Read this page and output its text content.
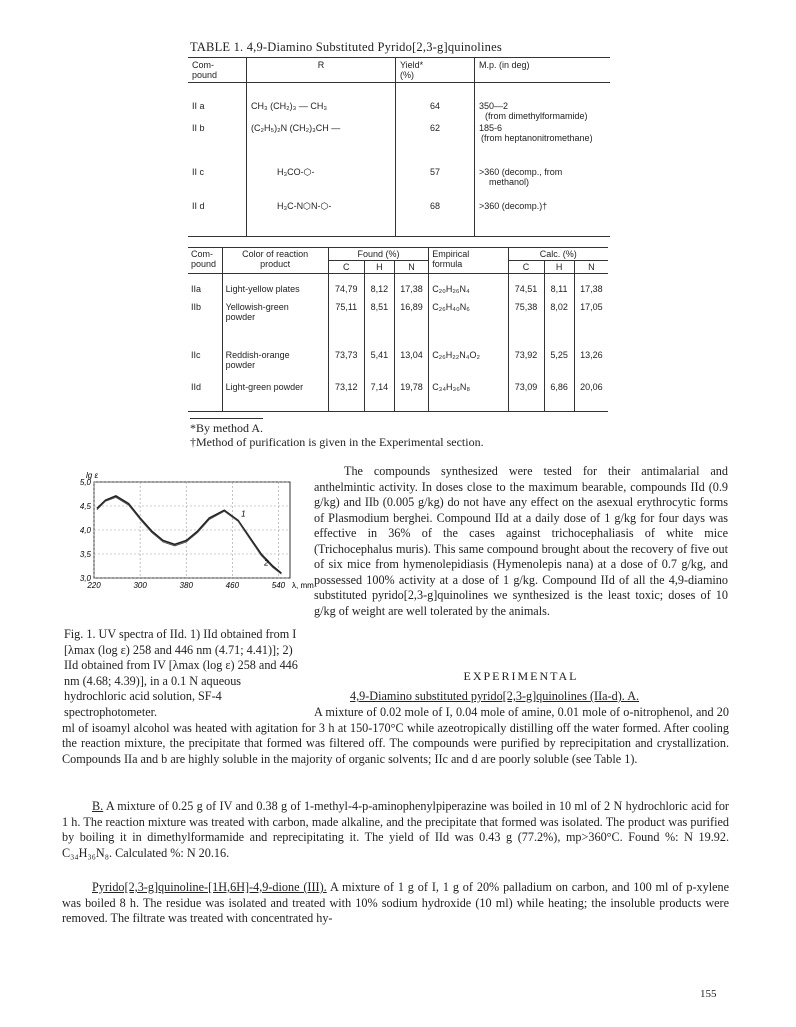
TABLE 1. 4,9-Diamino Substituted Pyrido[2,3-g]quinolines
Com-
pound	R	Yield*
(%)	M.p. (in deg)

II a	CH₃ (CH₂)₃ — CH₃	64	350—2
(from dimethylformamide)
II b	(C₂H₅)₂N (CH₂)₃CH —	62	185-6
(from heptanonitromethane)
II c	H₃CO-⬡-	57	>360 (decomp., from
methanol)
II d	H₃C-N⬡N-⬡-	68	>360 (decomp.)†
Com-
pound	Color of reaction
product	Found (%)			Empirical
formula	Calc. (%)		
		C	H	N		C	H	N
IIa	Light-yellow plates	74,79	8,12	17,38	C₂₀H₂₆N₄	74,51	8,11	17,38
IIb	Yellowish-green
powder	75,11	8,51	16,89	C₂₆H₄₀N₆	75,38	8,02	17,05
IIc	Reddish-orange
powder	73,73	5,41	13,04	C₂₆H₂₂N₄O₂	73,92	5,25	13,26
IId	Light-green powder	73,12	7,14	19,78	C₃₄H₃₆N₈	73,09	6,86	20,06
*By method A.
†Method of purification is given in the Experimental section.
3,0
3,5
4,0
4,5
5,0
220	300	380	460	540
lg ε
λ, mm
1
2
Fig. 1. UV spectra of IId. 1) IId obtained from I [λmax (log ε) 258 and 446 nm (4.71; 4.41)]; 2) IId obtained from IV [λmax (log ε) 258 and 446 nm (4.68; 4.39)], in a 0.1 N aqueous hydrochloric acid solution, SF-4 spectrophotometer.
The compounds synthesized were tested for their antimalarial and anthelmintic activity. In doses close to the maximum bearable, compounds IId (0.9 g/kg) and IIb (0.005 g/kg) do not have any effect on the asexual erythrocytic forms of Plasmodium berghei. Compound IId at a daily dose of 1 g/kg for four days was effective in 36% of the cases against trichocephaliasis of white mice (Trichocephalus muris). This same compound brought about the recovery of five out of six mice from hymenolepidiasis (Hymenolepis nana) at a dose of 0.7 g/kg, and possessed 100% activity at a dose of 1 g/kg. Compound IId of all the 4,9-diamino substituted pyrido[2,3-g]quinolines we synthesized is the least toxic; doses of 10 g/kg of weight are well tolerated by the animals.
EXPERIMENTAL
4,9-Diamino substituted pyrido[2,3-g]quinolines (IIa-d). A.
A mixture of 0.02 mole of I, 0.04 mole of amine, 0.01 mole of o-nitrophenol, and 20 ml of isoamyl alcohol was heated with agitation for 3 h at 150-170°C while azeotropically distilling off the water formed. After cooling the reaction mixture, the precipitate that formed was filtered off. The compounds were purified by reprecipitation and crystallization. Compounds IIa and b are highly soluble in the majority of organic solvents; IIc and d are poorly soluble (see Table 1).
B. A mixture of 0.25 g of IV and 0.38 g of 1-methyl-4-p-aminophenylpiperazine was boiled in 10 ml of 2 N hydrochloric acid for 1 h. The reaction mixture was treated with carbon, made alkaline, and the precipitate that formed was isolated. The product was purified by boiling it in dimethylformamide and reprecipitating it. The yield of IId was 0.43 g (77.2%), mp>360°C. Found %: N 19.92. C₃₄H₃₆N₈. Calculated %: N 20.16.
Pyrido[2,3-g]quinoline-[1H,6H]-4,9-dione (III). A mixture of 1 g of I, 1 g of 20% palladium on carbon, and 100 ml of p-xylene was boiled 8 h. The residue was isolated and treated with 10% sodium hydroxide (10 ml) while heating; the insoluble products were removed. The filtrate was treated with concentrated hy-
155
